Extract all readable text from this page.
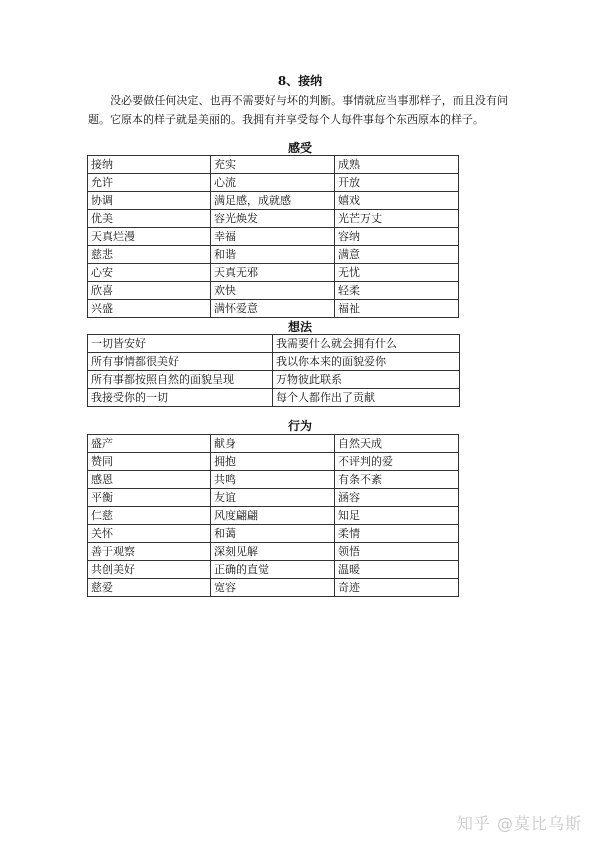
8、接纳

没必要做任何决定、也再不需要好与坏的判断。事情就应当事那样子，而且没有问题。它原本的样子就是美丽的。我拥有并享受每个人每件事每个东西原本的样子。

感受
接纳	充实	成熟
允许	心流	开放
协调	满足感，成就感	嬉戏
优美	容光焕发	光芒万丈
天真烂漫	幸福	容纳
慈悲	和谐	满意
心安	天真无邪	无忧
欣喜	欢快	轻柔
兴盛	满怀爱意	福祉
想法
一切皆安好	我需要什么就会拥有什么
所有事情都很美好	我以你本来的面貌爱你
所有事都按照自然的面貌呈现	万物彼此联系
我接受你的一切	每个人都作出了贡献
行为
盛产	献身	自然天成
赞同	拥抱	不评判的爱
感恩	共鸣	有条不紊
平衡	友谊	涵容
仁慈	风度翩翩	知足
关怀	和蔼	柔情
善于观察	深刻见解	领悟
共创美好	正确的直觉	温暖
慈爱	宽容	奇迹
知乎 @莫比乌斯
